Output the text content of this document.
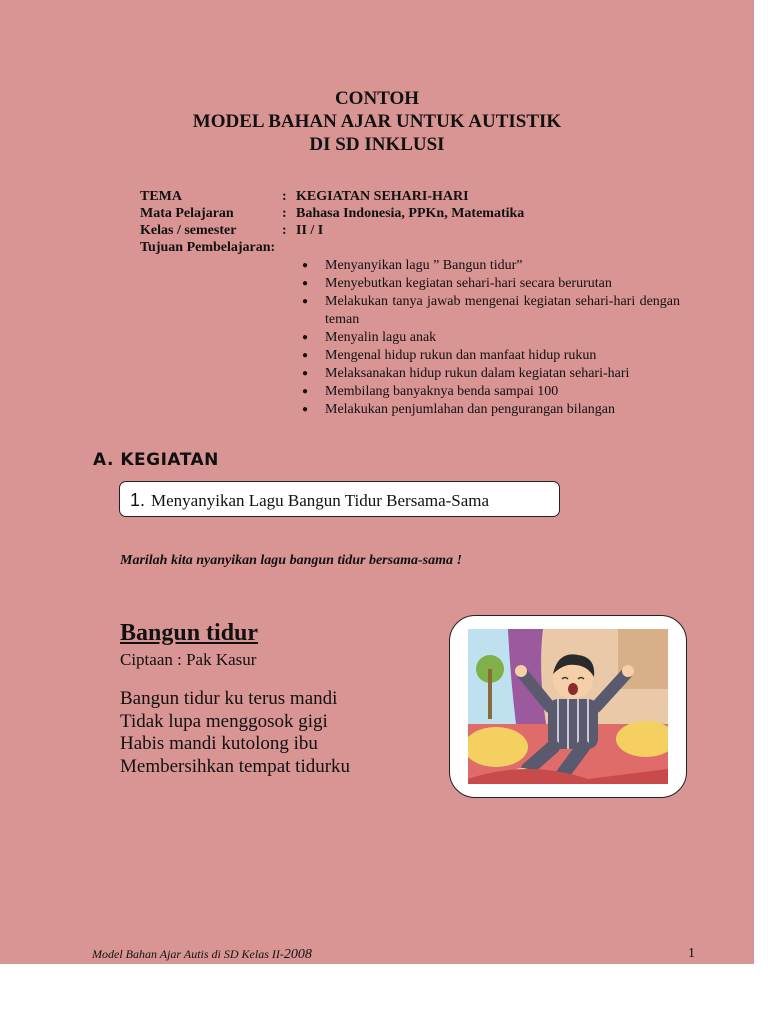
CONTOH
MODEL BAHAN AJAR UNTUK AUTISTIK
DI SD INKLUSI
TEMA	: KEGIATAN SEHARI-HARI
Mata Pelajaran	: Bahasa Indonesia, PPKn, Matematika
Kelas / semester	: II / I
Tujuan Pembelajaran:
● Menyanyikan lagu ” Bangun tidur”
● Menyebutkan kegiatan sehari-hari secara berurutan
● Melakukan tanya jawab mengenai kegiatan sehari-hari dengan teman
● Menyalin lagu anak
● Mengenal hidup rukun dan manfaat hidup rukun
● Melaksanakan hidup rukun dalam kegiatan sehari-hari
● Membilang banyaknya benda sampai 100
● Melakukan penjumlahan dan pengurangan bilangan
A. KEGIATAN
1. Menyanyikan Lagu Bangun Tidur Bersama-Sama
Marilah kita nyanyikan lagu bangun tidur bersama-sama !
Bangun tidur
Ciptaan : Pak Kasur
Bangun tidur ku terus mandi
Tidak lupa menggosok gigi
Habis mandi kutolong ibu
Membersihkan tempat tidurku
Model Bahan Ajar Autis di SD Kelas II-2008	1
